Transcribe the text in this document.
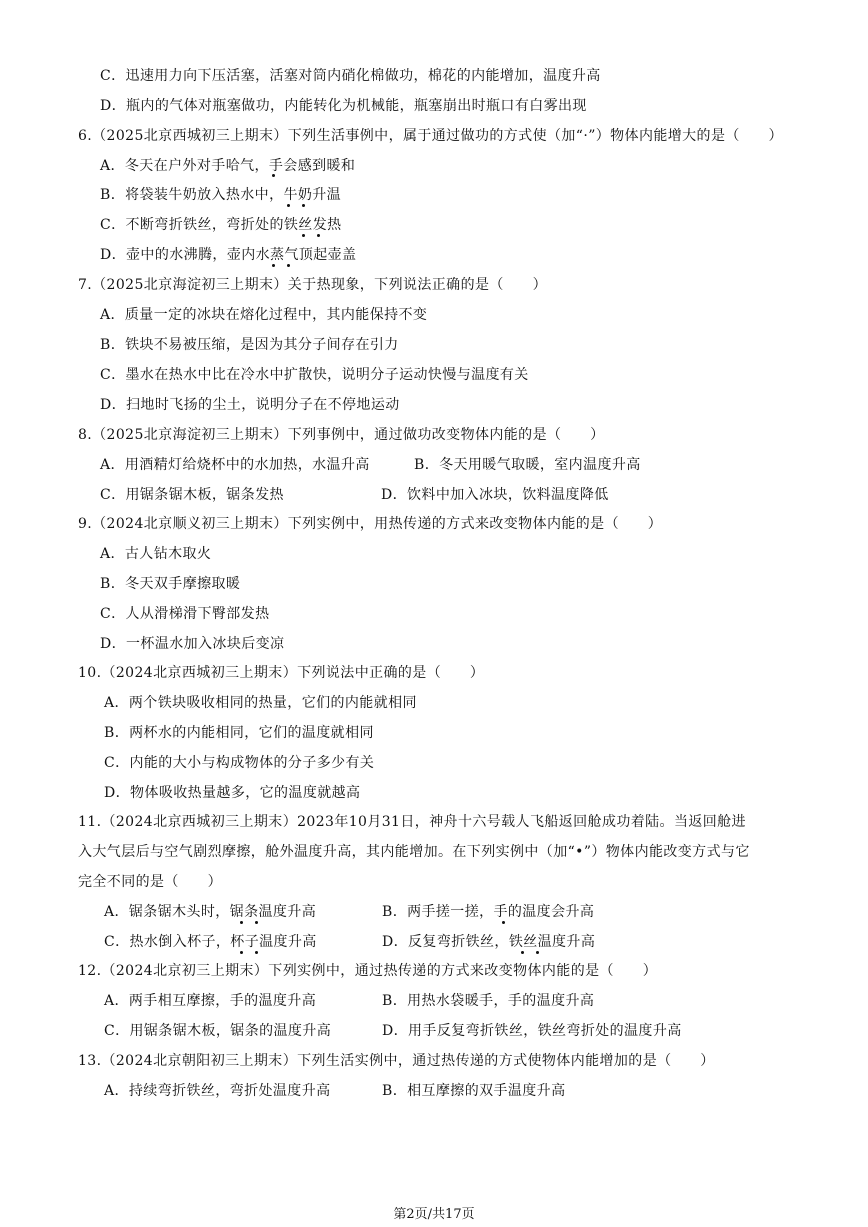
C．迅速用力向下压活塞，活塞对筒内硝化棉做功，棉花的内能增加，温度升高
D．瓶内的气体对瓶塞做功，内能转化为机械能，瓶塞崩出时瓶口有白雾出现
6.（2025北京西城初三上期末）下列生活事例中，属于通过做功的方式使（加“·”）物体内能增大的是（　　）
A．冬天在户外对手哈气，手会感到暖和
B．将袋装牛奶放入热水中，牛奶升温
C．不断弯折铁丝，弯折处的铁丝发热
D．壶中的水沸腾，壶内水蒸气顶起壶盖
7.（2025北京海淀初三上期末）关于热现象，下列说法正确的是（　　）
A．质量一定的冰块在熔化过程中，其内能保持不变
B．铁块不易被压缩，是因为其分子间存在引力
C．墨水在热水中比在冷水中扩散快，说明分子运动快慢与温度有关
D．扫地时飞扬的尘土，说明分子在不停地运动
8.（2025北京海淀初三上期末）下列事例中，通过做功改变物体内能的是（　　）
A．用酒精灯给烧杯中的水加热，水温升高	B．冬天用暖气取暖，室内温度升高
C．用锯条锯木板，锯条发热	D．饮料中加入冰块，饮料温度降低
9.（2024北京顺义初三上期末）下列实例中，用热传递的方式来改变物体内能的是（　　）
A．古人钻木取火
B．冬天双手摩擦取暖
C．人从滑梯滑下臀部发热
D．一杯温水加入冰块后变凉
10.（2024北京西城初三上期末）下列说法中正确的是（　　）
A．两个铁块吸收相同的热量，它们的内能就相同
B．两杯水的内能相同，它们的温度就相同
C．内能的大小与构成物体的分子多少有关
D．物体吸收热量越多，它的温度就越高
11.（2024北京西城初三上期末）2023年10月31日，神舟十六号载人飞船返回舱成功着陆。当返回舱进
入大气层后与空气剧烈摩擦，舱外温度升高，其内能增加。在下列实例中（加“•”）物体内能改变方式与它
完全不同的是（　　）
A．锯条锯木头时，锯条温度升高	B．两手搓一搓，手的温度会升高
C．热水倒入杯子，杯子温度升高	D．反复弯折铁丝，铁丝温度升高
12.（2024北京初三上期末）下列实例中，通过热传递的方式来改变物体内能的是（　　）
A．两手相互摩擦，手的温度升高	B．用热水袋暖手，手的温度升高
C．用锯条锯木板，锯条的温度升高	D．用手反复弯折铁丝，铁丝弯折处的温度升高
13.（2024北京朝阳初三上期末）下列生活实例中，通过热传递的方式使物体内能增加的是（　　）
A．持续弯折铁丝，弯折处温度升高	B．相互摩擦的双手温度升高
第2页/共17页
